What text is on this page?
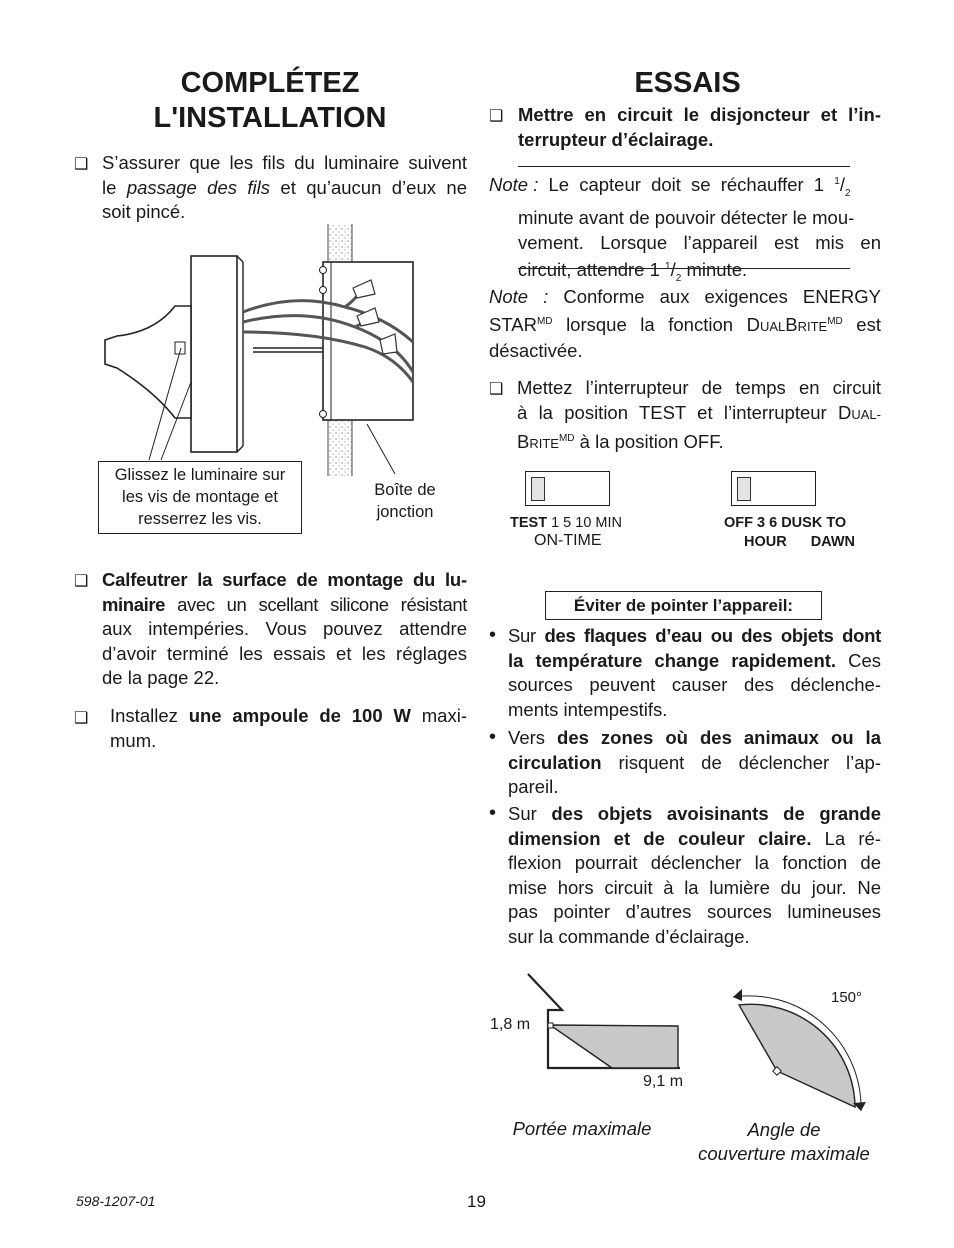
COMPLÉTEZ
L'INSTALLATION
❑ S’assurer que les fils du luminaire suivent
le passage des fils et qu’aucun d’eux ne
soit pincé.
Glissez le luminaire sur
les vis de montage et
resserrez les vis.
Boîte de
jonction
❑ Calfeutrer la surface de montage du lu-
minaire avec un scellant silicone résistant
aux intempéries. Vous pouvez attendre
d’avoir terminé les essais et les réglages
de la page 22.
❑ Installez une ampoule de 100 W maxi-
mum.
ESSAIS
❑ Mettre en circuit le disjoncteur et l’in-
terrupteur d’éclairage.
Note : Le capteur doit se réchauffer 1 $^1/_2$
minute avant de pouvoir détecter le mou-
vement. Lorsque l’appareil est mis en
circuit, attendre 1 $^1/_2$ minute.
Note : Conforme aux exigences ENERGY
$STAR^{MD}$ lorsque la fonction $DUALBRITE^{MD}$ est
désactivée.
❑ Mettez l’interrupteur de temps en circuit
à la position TEST et l’interrupteur DUAL-
$BRITE^{MD}$ à la position OFF.
TEST 1 5 10 MIN
ON-TIME
OFF 3 6 DUSK TO
HOUR DAWN
Éviter de pointer l’appareil:
• Sur des flaques d’eau ou des objets dont
la température change rapidement. Ces
sources peuvent causer des déclenche-
ments intempestifs.
• Vers des zones où des animaux ou la
circulation risquent de déclencher l’ap-
pareil.
• Sur des objets avoisinants de grande
dimension et de couleur claire. La ré-
flexion pourrait déclencher la fonction de
mise hors circuit à la lumière du jour. Ne
pas pointer d’autres sources lumineuses
sur la commande d’éclairage.
1,8 m
9,1 m
150°
Portée maximale	Angle de
couverture maximale
598-1207-01	19
